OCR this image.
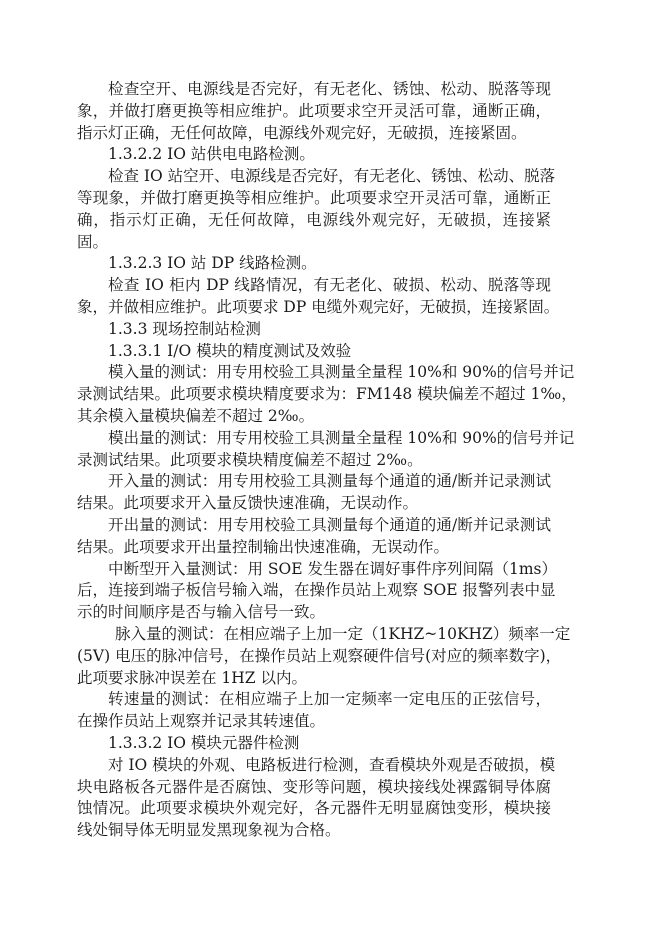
检查空开、电源线是否完好，有无老化、锈蚀、松动、脱落等现
象，并做打磨更换等相应维护。此项要求空开灵活可靠，通断正确，
指示灯正确，无任何故障，电源线外观完好，无破损，连接紧固。
1.3.2.2 IO 站供电电路检测。
检查 IO 站空开、电源线是否完好，有无老化、锈蚀、松动、脱落
等现象，并做打磨更换等相应维护。此项要求空开灵活可靠，通断正
确，指示灯正确，无任何故障，电源线外观完好，无破损，连接紧
固。
1.3.2.3 IO 站 DP 线路检测。
检查 IO 柜内 DP 线路情况，有无老化、破损、松动、脱落等现
象，并做相应维护。此项要求 DP 电缆外观完好，无破损，连接紧固。
1.3.3 现场控制站检测
1.3.3.1 I/O 模块的精度测试及效验
模入量的测试：用专用校验工具测量全量程 10%和 90%的信号并记
录测试结果。此项要求模块精度要求为：FM148 模块偏差不超过 1‰，
其余模入量模块偏差不超过 2‰。
模出量的测试：用专用校验工具测量全量程 10%和 90%的信号并记
录测试结果。此项要求模块精度偏差不超过 2‰。
开入量的测试：用专用校验工具测量每个通道的通/断并记录测试
结果。此项要求开入量反馈快速准确，无误动作。
开出量的测试：用专用校验工具测量每个通道的通/断并记录测试
结果。此项要求开出量控制输出快速准确，无误动作。
中断型开入量测试：用 SOE 发生器在调好事件序列间隔（1ms）
后，连接到端子板信号输入端，在操作员站上观察 SOE 报警列表中显
示的时间顺序是否与输入信号一致。
脉入量的测试：在相应端子上加一定（1KHZ~10KHZ）频率一定
(5V) 电压的脉冲信号，在操作员站上观察硬件信号(对应的频率数字)，
此项要求脉冲误差在 1HZ 以内。
转速量的测试：在相应端子上加一定频率一定电压的正弦信号，
在操作员站上观察并记录其转速值。
1.3.3.2 IO 模块元器件检测
对 IO 模块的外观、电路板进行检测，查看模块外观是否破损，模
块电路板各元器件是否腐蚀、变形等问题，模块接线处裸露铜导体腐
蚀情况。此项要求模块外观完好，各元器件无明显腐蚀变形，模块接
线处铜导体无明显发黑现象视为合格。
